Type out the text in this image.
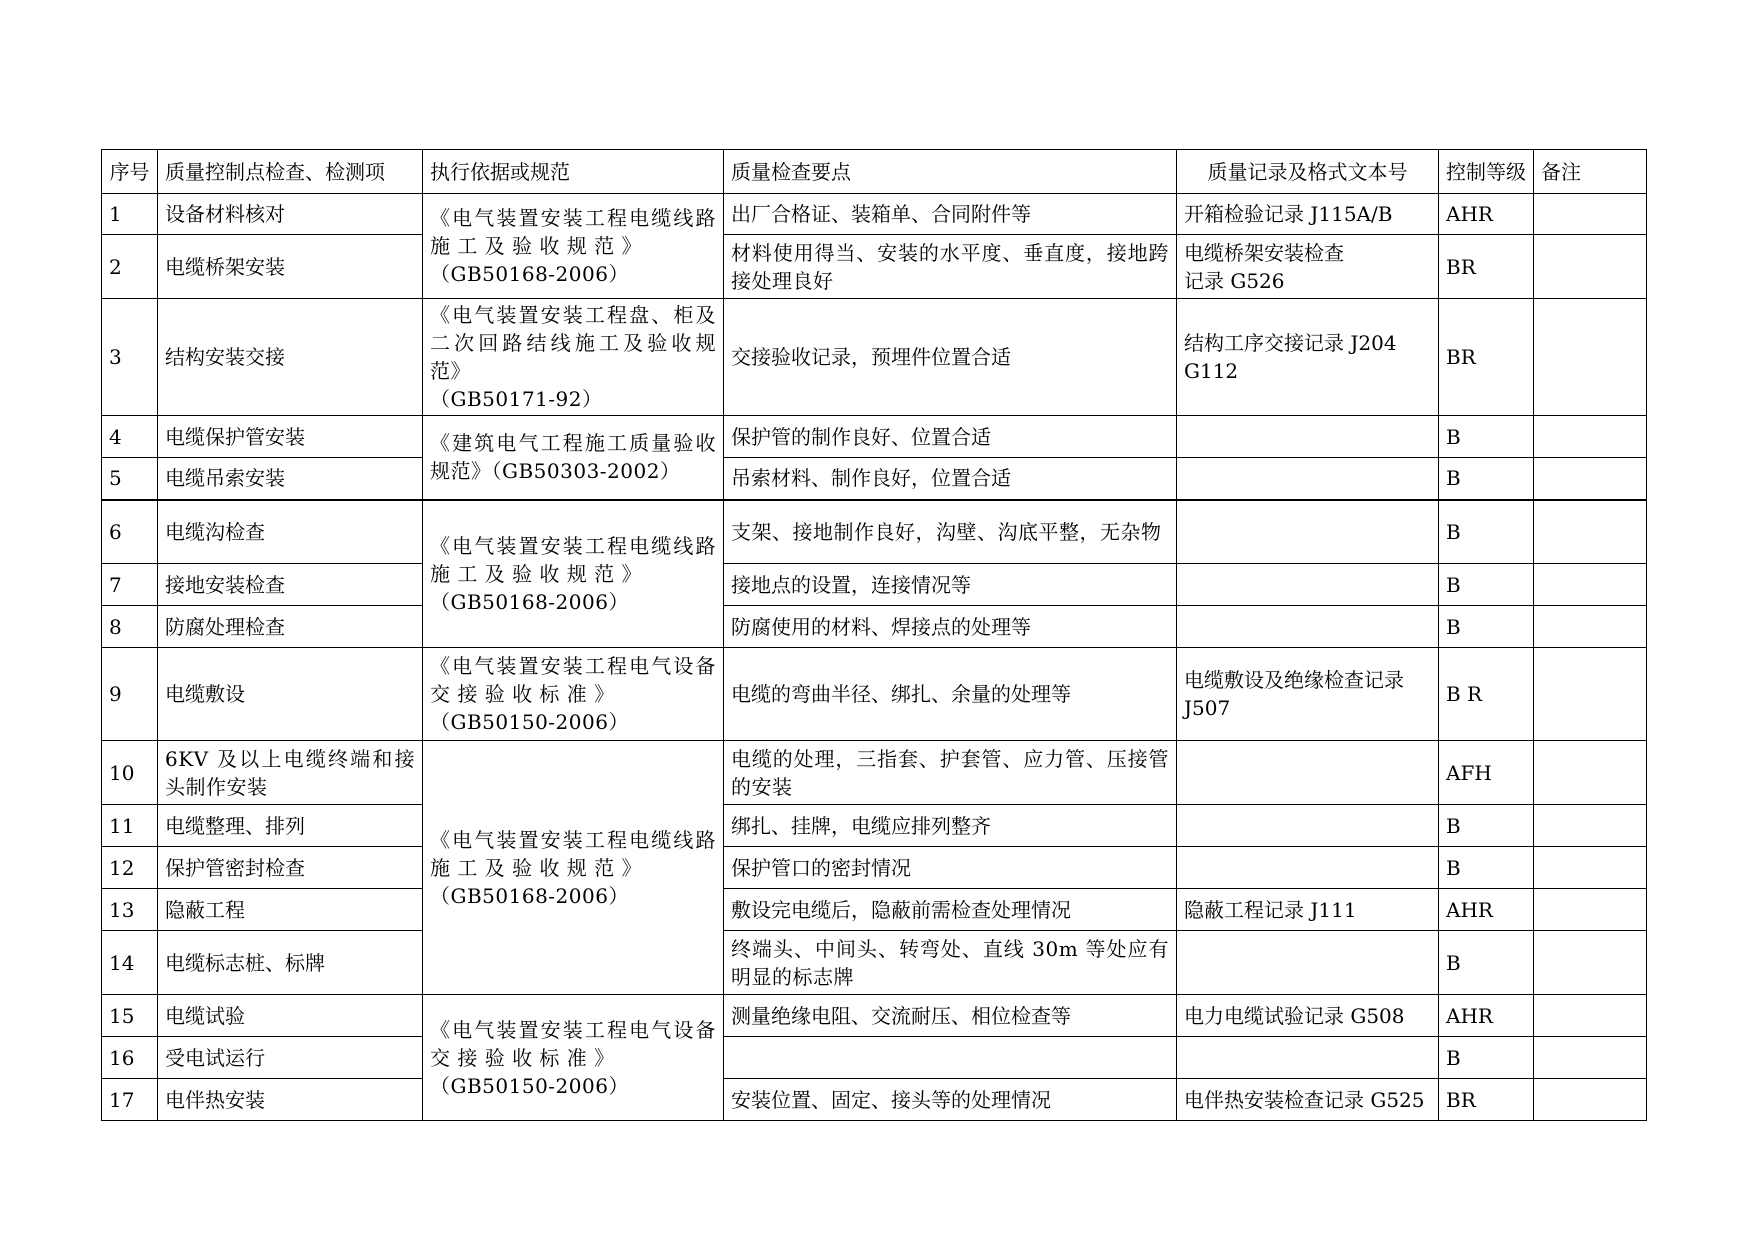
序号	质量控制点检查、检测项	执行依据或规范	质量检查要点	质量记录及格式文本号	控制等级	备注
1	设备材料核对	《电气装置安装工程电缆线路施 工 及 验 收 规 范 》
（GB50168-2006）	出厂合格证、装箱单、合同附件等	开箱检验记录 J115A/B	AHR	
2	电缆桥架安装		材料使用得当、安装的水平度、垂直度，接地跨接处理良好	电缆桥架安装检查
记录 G526	BR	
3	结构安装交接	《电气装置安装工程盘、柜及二次回路结线施工及验收规范》
（GB50171-92）	交接验收记录，预埋件位置合适	结构工序交接记录 J204
G112	BR	
4	电缆保护管安装	《建筑电气工程施工质量验收规范》（GB50303-2002）	保护管的制作良好、位置合适		B	
5	电缆吊索安装		吊索材料、制作良好，位置合适		B	
6	电缆沟检查	《电气装置安装工程电缆线路施 工 及 验 收 规 范 》
（GB50168-2006）	支架、接地制作良好，沟壁、沟底平整，无杂物		B	
7	接地安装检查		接地点的设置，连接情况等		B	
8	防腐处理检查		防腐使用的材料、焊接点的处理等		B	
9	电缆敷设	《电气装置安装工程电气设备交 接 验 收 标 准 》
（GB50150-2006）	电缆的弯曲半径、绑扎、余量的处理等	电缆敷设及绝缘检查记录
J507	B R	
10	6KV 及以上电缆终端和接头制作安装	《电气装置安装工程电缆线路施 工 及 验 收 规 范 》
（GB50168-2006）	电缆的处理，三指套、护套管、应力管、压接管的安装		AFH	
11	电缆整理、排列		绑扎、挂牌，电缆应排列整齐		B	
12	保护管密封检查		保护管口的密封情况		B	
13	隐蔽工程		敷设完电缆后，隐蔽前需检查处理情况	隐蔽工程记录 J111	AHR	
14	电缆标志桩、标牌		终端头、中间头、转弯处、直线 30m 等处应有明显的标志牌		B	
15	电缆试验	《电气装置安装工程电气设备交 接 验 收 标 准 》
（GB50150-2006）	测量绝缘电阻、交流耐压、相位检查等	电力电缆试验记录 G508	AHR	
16	受电试运行				B	
17	电伴热安装		安装位置、固定、接头等的处理情况	电伴热安装检查记录 G525	BR	
